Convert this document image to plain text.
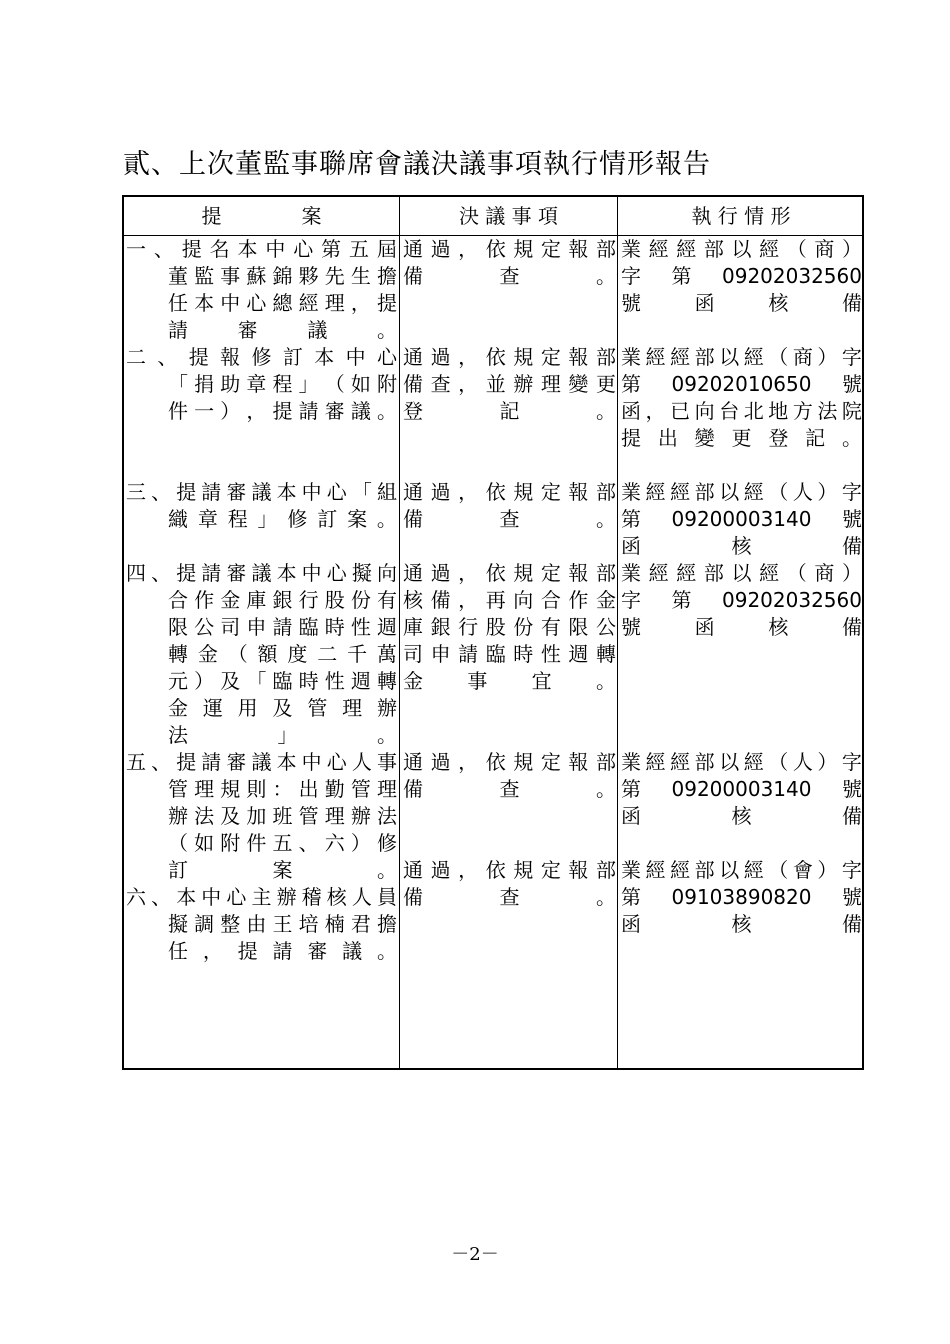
貳、上次董監事聯席會議決議事項執行情形報告
提　　　　案	決 議 事 項	執 行 情 形
一 、 提 名 本 中 心 第 五 屆
董 監 事 蘇 錦 夥 先 生 擔
任 本 中 心 總 經 理 ， 提
請審議。
二 、 提 報 修 訂 本 中 心
「 捐 助 章 程 」 （ 如 附
件 一 ） ， 提 請 審 議 。
三 、 提 請 審 議 本 中 心 「 組
織 章 程 」 修 訂 案 。
四 、 提 請 審 議 本 中 心 擬 向
合 作 金 庫 銀 行 股 份 有
限 公 司 申 請 臨 時 性 週
轉 金 （ 額 度 二 千 萬
元 ） 及 「 臨 時 性 週 轉
金 運 用 及 管 理 辦
法」。
五 、 提 請 審 議 本 中 心 人 事
管 理 規 則 ： 出 勤 管 理
辦 法 及 加 班 管 理 辦 法
（ 如 附 件 五 、 六 ） 修
訂案。
六 、 本 中 心 主 辦 稽 核 人 員
擬 調 整 由 王 培 楠 君 擔
任，提請審議。
通 過 ， 依 規 定 報 部
備查。
通 過 ， 依 規 定 報 部
備 查 ， 並 辦 理 變 更
登記。
通 過 ， 依 規 定 報 部
備查。
通 過 ， 依 規 定 報 部
核 備 ， 再 向 合 作 金
庫 銀 行 股 份 有 限 公
司 申 請 臨 時 性 週 轉
金事宜。
通 過 ， 依 規 定 報 部
備查。
通 過 ， 依 規 定 報 部
備查。
業 經 經 部 以 經 （ 商 ）
字 第 09202032560
號函核備
業 經 經 部 以 經 （ 商 ） 字
第 09202010650 號
函 ， 已 向 台 北 地 方 法 院
提出變更登記。
業 經 經 部 以 經 （ 人 ） 字
第 09200003140 號
函核備
業 經 經 部 以 經 （ 商 ）
字 第 09202032560
號函核備
業 經 經 部 以 經 （ 人 ） 字
第 09200003140 號
函核備
業 經 經 部 以 經 （ 會 ） 字
第 09103890820 號
函核備
－2－
